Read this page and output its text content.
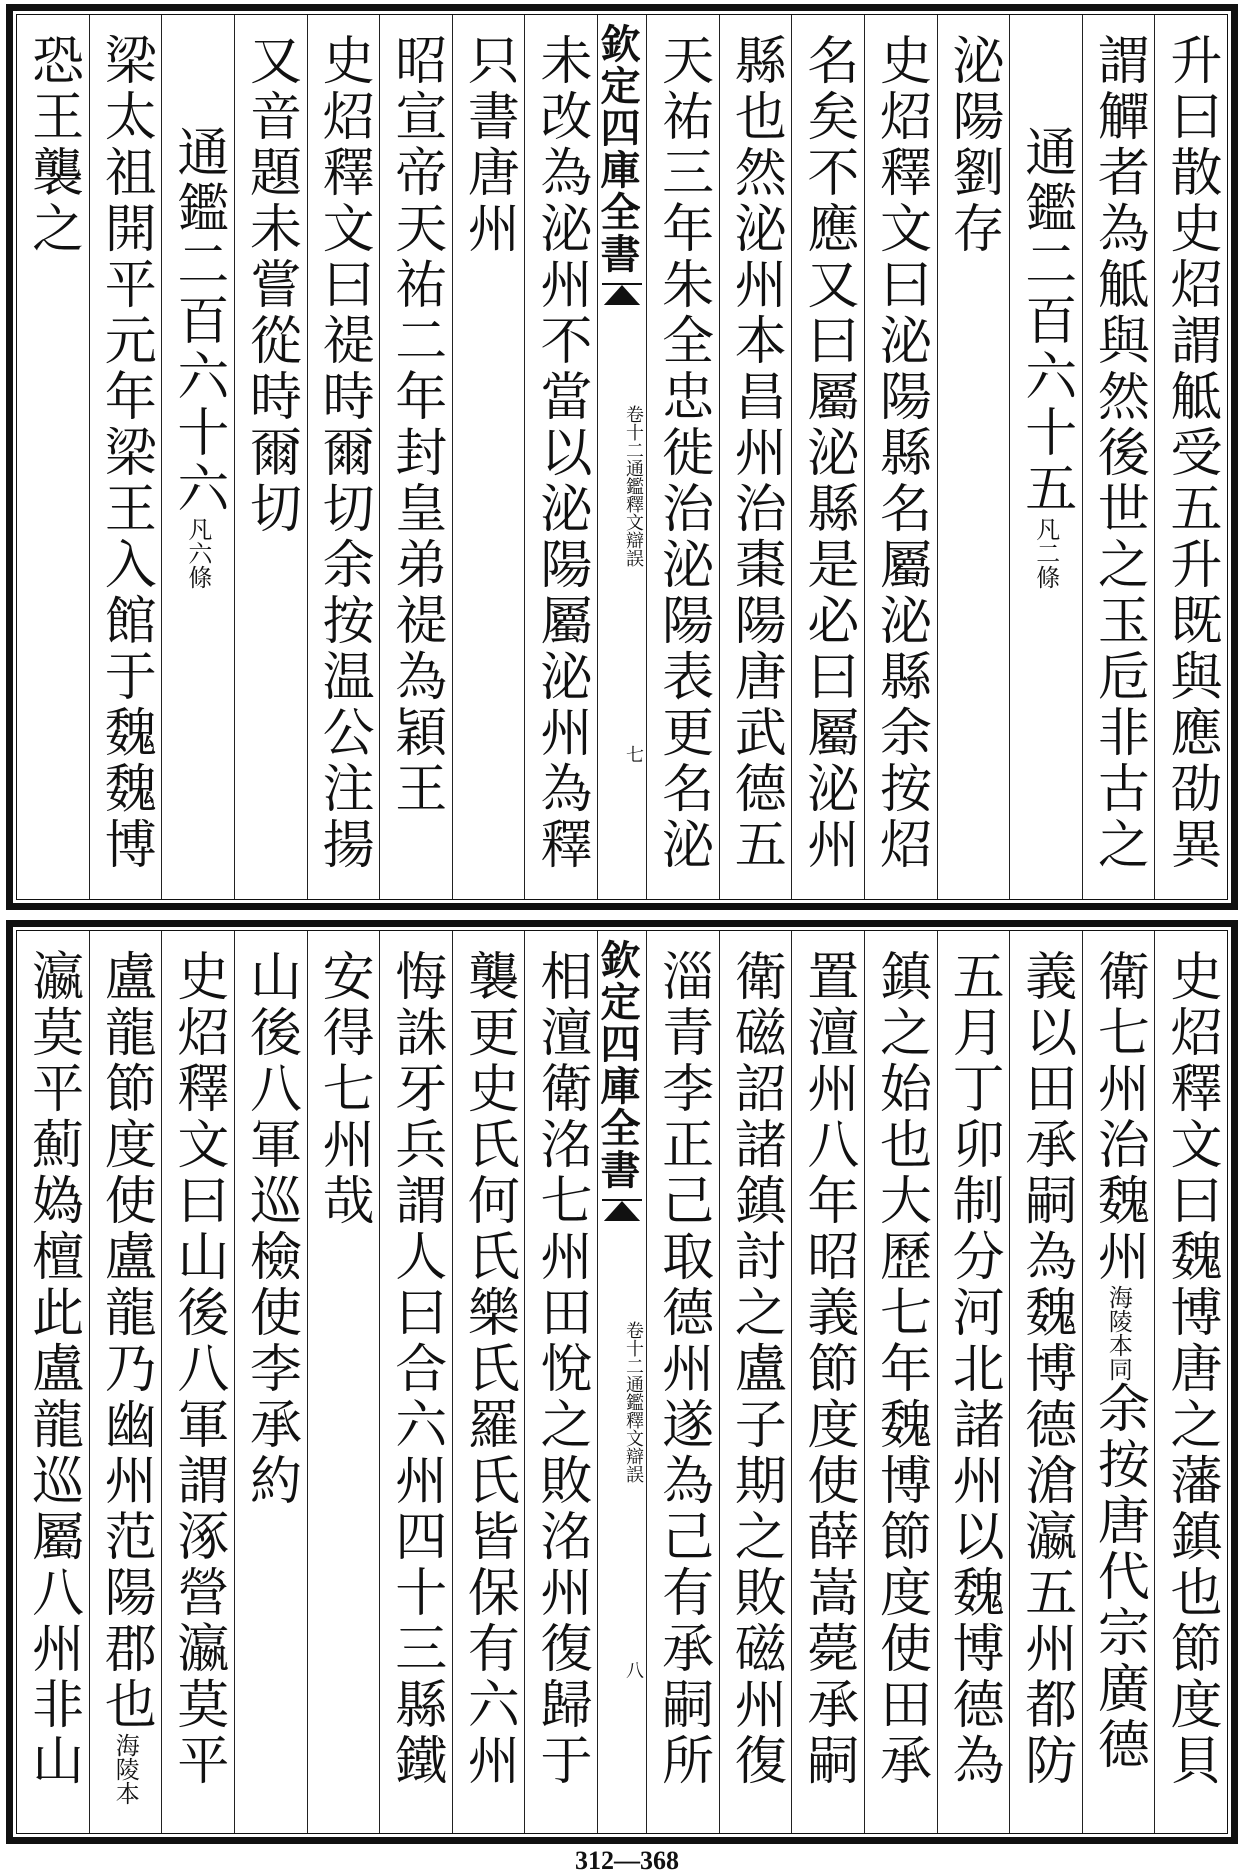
升曰散史炤謂觝受五升既與應劭異
謂觶者為觝與然後世之玉卮非古之
通鑑二百六十五凡二條
泌陽劉存
史炤釋文曰泌陽縣名屬泌縣余按炤
名矣不應又曰屬泌縣是必曰屬泌州
縣也然泌州本昌州治棗陽唐武德五
天祐三年朱全忠徙治泌陽表更名泌
欽定四庫全書
卷十二通鑑釋文辯誤
七
未改為泌州不當以泌陽屬泌州為釋
只書唐州
昭宣帝天祐二年封皇弟禔為穎王
史炤釋文曰禔時爾切余按温公注揚
又音題未嘗從時爾切
通鑑二百六十六凡六條
梁太祖開平元年梁王入館于魏魏博
恐王襲之
史炤釋文曰魏博唐之藩鎮也節度貝
衛七州治魏州海陵本同余按唐代宗廣德
義以田承嗣為魏博德滄瀛五州都防
五月丁卯制分河北諸州以魏博德為
鎮之始也大歷七年魏博節度使田承
置澶州八年昭義節度使薛嵩薨承嗣
衛磁詔諸鎮討之盧子期之敗磁州復
淄青李正己取德州遂為己有承嗣所
欽定四庫全書
卷十二通鑑釋文辯誤
八
相澶衛洺七州田悅之敗洺州復歸于
襲更史氏何氏樂氏羅氏皆保有六州
悔誅牙兵謂人曰合六州四十三縣鐵
安得七州哉
山後八軍巡檢使李承約
史炤釋文曰山後八軍謂涿營瀛莫平
盧龍節度使盧龍乃幽州范陽郡也海陵本
瀛莫平薊媯檀此盧龍巡屬八州非山
312—368
